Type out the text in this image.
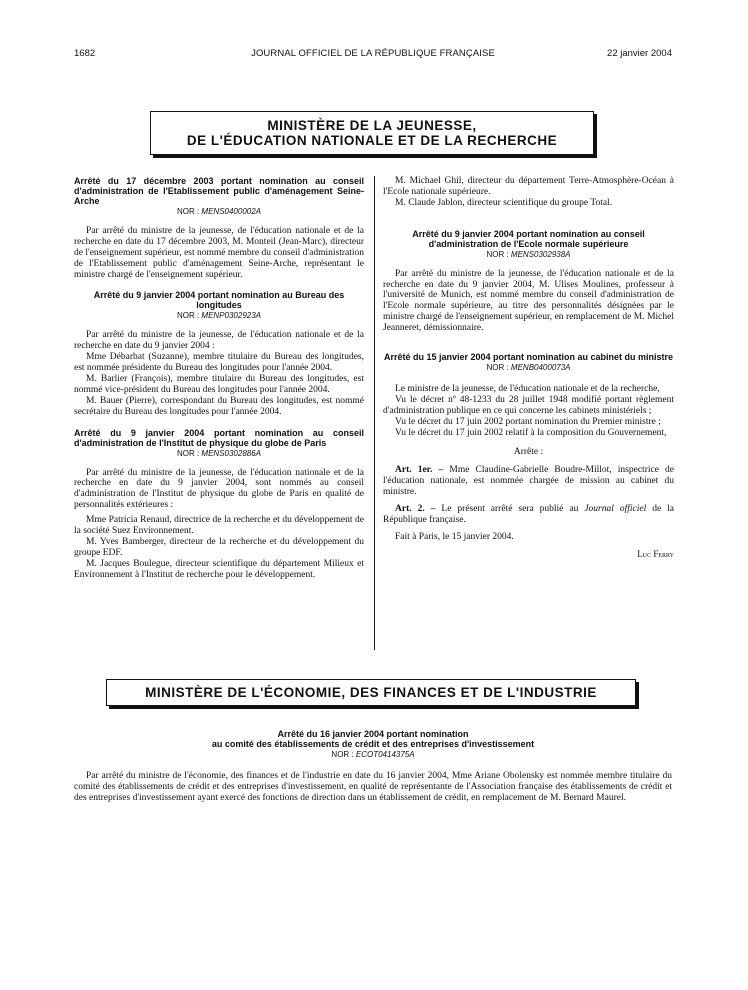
1682	JOURNAL OFFICIEL DE LA RÉPUBLIQUE FRANÇAISE	22 janvier 2004
MINISTÈRE DE LA JEUNESSE,
DE L'ÉDUCATION NATIONALE ET DE LA RECHERCHE
Arrêté du 17 décembre 2003 portant nomination au conseil d'administration de l'Etablissement public d'aménagement Seine-Arche
NOR : MENS0400002A

Par arrêté du ministre de la jeunesse, de l'éducation nationale et de la recherche en date du 17 décembre 2003, M. Monteil (Jean-Marc), directeur de l'enseignement supérieur, est nommé membre du conseil d'administration de l'Etablissement public d'aménagement Seine-Arche, représentant le ministre chargé de l'enseignement supérieur.

Arrêté du 9 janvier 2004 portant nomination au Bureau des longitudes
NOR : MENP0302923A

Par arrêté du ministre de la jeunesse, de l'éducation nationale et de la recherche en date du 9 janvier 2004 :

Mme Débarbat (Suzanne), membre titulaire du Bureau des longitudes, est nommée présidente du Bureau des longitudes pour l'année 2004.

M. Barlier (François), membre titulaire du Bureau des longitudes, est nommé vice-président du Bureau des longitudes pour l'année 2004.

M. Bauer (Pierre), correspondant du Bureau des longitudes, est nommé secrétaire du Bureau des longitudes pour l'année 2004.

Arrêté du 9 janvier 2004 portant nomination au conseil d'administration de l'Institut de physique du globe de Paris
NOR : MENS0302886A

Par arrêté du ministre de la jeunesse, de l'éducation nationale et de la recherche en date du 9 janvier 2004, sont nommés au conseil d'administration de l'Institut de physique du globe de Paris en qualité de personnalités extérieures :

Mme Patricia Renaud, directrice de la recherche et du développement de la société Suez Environnement.

M. Yves Bamberger, directeur de la recherche et du développement du groupe EDF.

M. Jacques Boulegue, directeur scientifique du département Milieux et Environnement à l'Institut de recherche pour le développement.

M. Michael Ghil, directeur du département Terre-Atmosphère-Océan à l'Ecole nationale supérieure.

M. Claude Jablon, directeur scientifique du groupe Total.

Arrêté du 9 janvier 2004 portant nomination au conseil d'administration de l'Ecole normale supérieure
NOR : MENS0302938A

Par arrêté du ministre de la jeunesse, de l'éducation nationale et de la recherche en date du 9 janvier 2004, M. Ulises Moulines, professeur à l'université de Munich, est nommé membre du conseil d'administration de l'Ecole normale supérieure, au titre des personnalités désignées par le ministre chargé de l'enseignement supérieur, en remplacement de M. Michel Jeanneret, démissionnaire.

Arrêté du 15 janvier 2004 portant nomination au cabinet du ministre
NOR : MENB0400073A

Le ministre de la jeunesse, de l'éducation nationale et de la recherche,

Vu le décret nº 48-1233 du 28 juillet 1948 modifié portant règlement d'administration publique en ce qui concerne les cabinets ministériels ;

Vu le décret du 17 juin 2002 portant nomination du Premier ministre ;

Vu le décret du 17 juin 2002 relatif à la composition du Gouvernement,

Arrête :

Art. 1er. – Mme Claudine-Gabrielle Boudre-Millot, inspectrice de l'éducation nationale, est nommée chargée de mission au cabinet du ministre.

Art. 2. – Le présent arrêté sera publié au Journal officiel de la République française.

Fait à Paris, le 15 janvier 2004.

Luc Ferry

MINISTÈRE DE L'ÉCONOMIE, DES FINANCES ET DE L'INDUSTRIE
Arrêté du 16 janvier 2004 portant nomination
au comité des établissements de crédit et des entreprises d'investissement
NOR : ECOT0414375A

Par arrêté du ministre de l'économie, des finances et de l'industrie en date du 16 janvier 2004, Mme Ariane Obolensky est nommée membre titulaire du comité des établissements de crédit et des entreprises d'investissement, en qualité de représentante de l'Association française des établissements de crédit et des entreprises d'investissement ayant exercé des fonctions de direction dans un établissement de crédit, en remplacement de M. Bernard Maurel.
